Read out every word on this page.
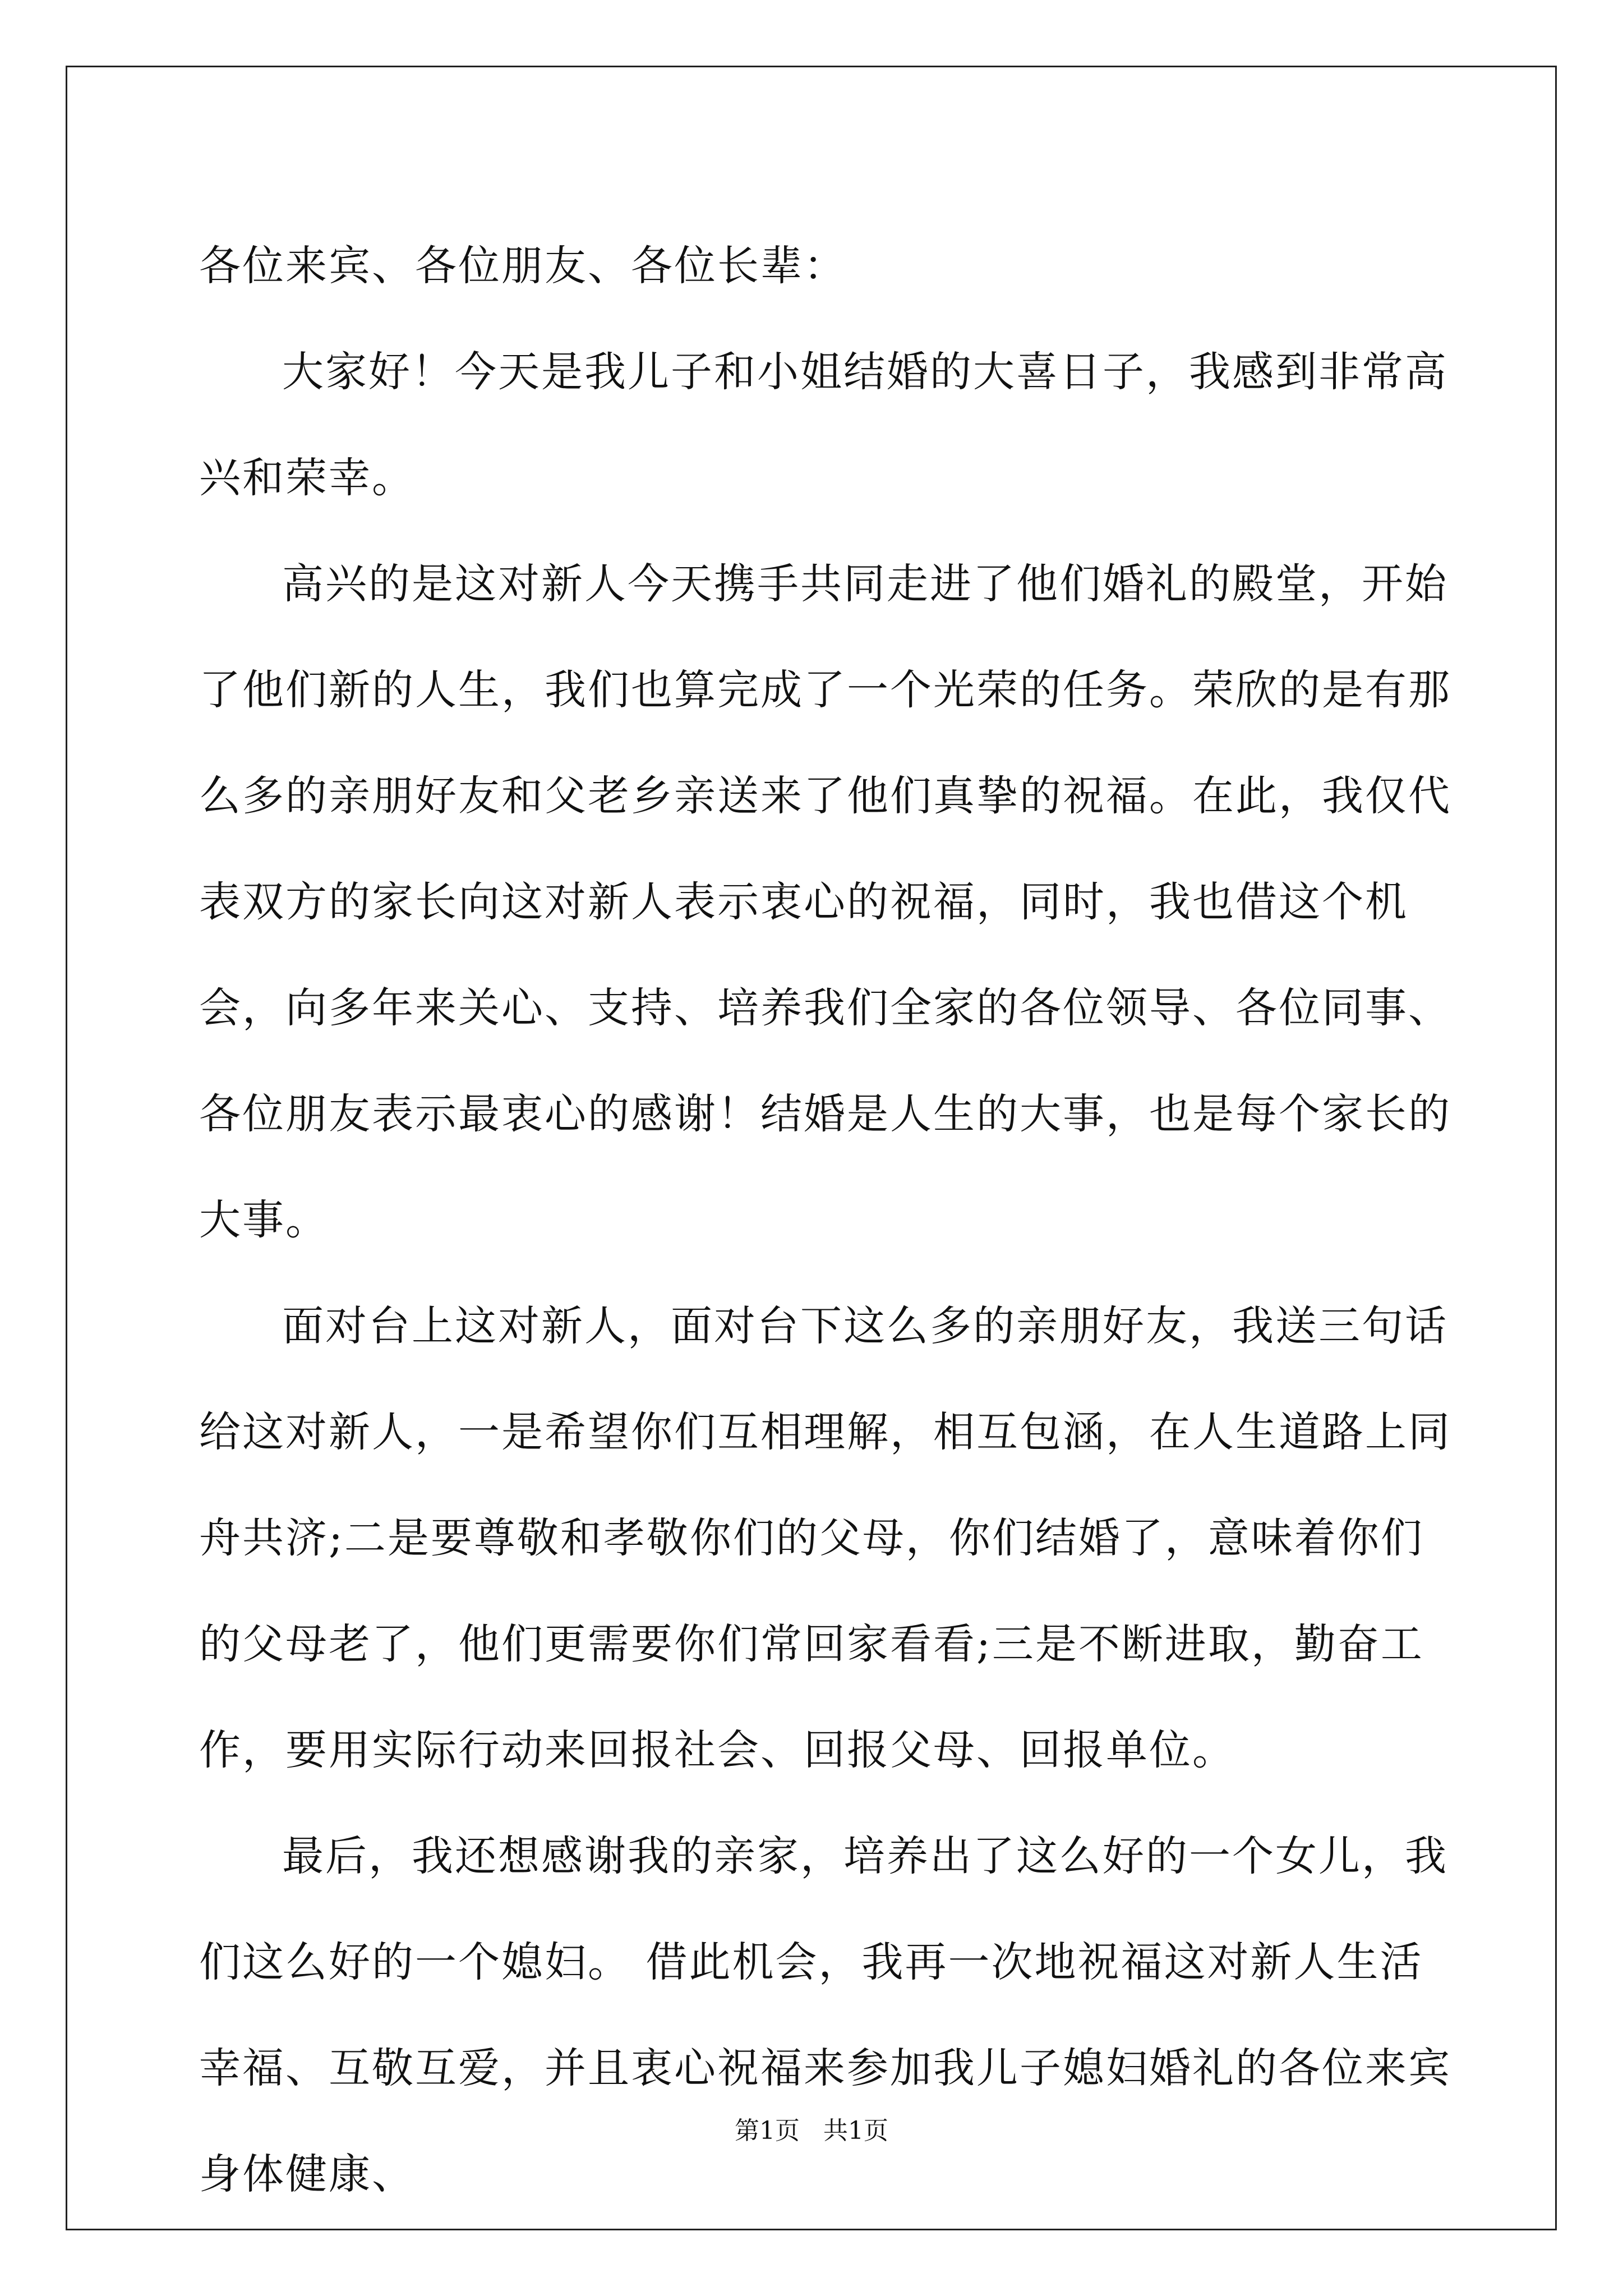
各位来宾、各位朋友、各位长辈：

大家好！今天是我儿子和小姐结婚的大喜日子，我感到非常高兴和荣幸。

高兴的是这对新人今天携手共同走进了他们婚礼的殿堂，开始了他们新的人生，我们也算完成了一个光荣的任务。荣欣的是有那么多的亲朋好友和父老乡亲送来了他们真挚的祝福。在此，我仅代表双方的家长向这对新人表示衷心的祝福，同时，我也借这个机会，向多年来关心、支持、培养我们全家的各位领导、各位同事、各位朋友表示最衷心的感谢！结婚是人生的大事，也是每个家长的大事。

面对台上这对新人，面对台下这么多的亲朋好友，我送三句话给这对新人，一是希望你们互相理解，相互包涵，在人生道路上同舟共济;二是要尊敬和孝敬你们的父母，你们结婚了，意味着你们的父母老了，他们更需要你们常回家看看;三是不断进取，勤奋工作，要用实际行动来回报社会、回报父母、回报单位。

最后，我还想感谢我的亲家，培养出了这么好的一个女儿，我们这么好的一个媳妇。 借此机会，我再一次地祝福这对新人生活幸福、互敬互爱，并且衷心祝福来参加我儿子媳妇婚礼的各位来宾身体健康、

第1页   共1页
